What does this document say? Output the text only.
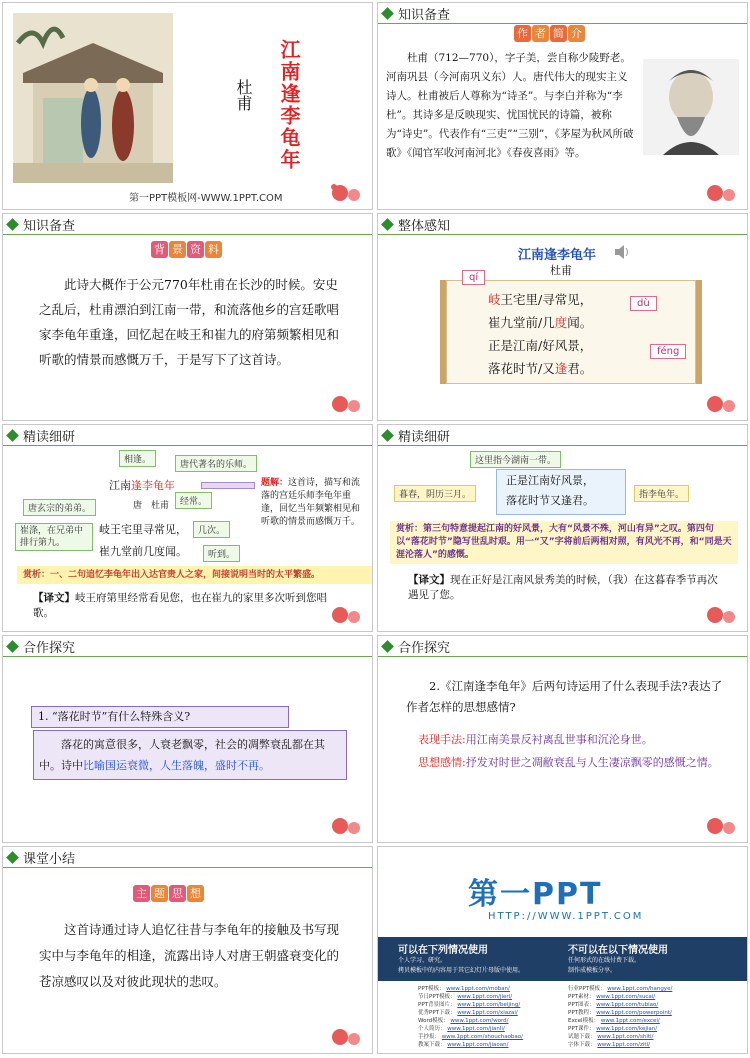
杜甫 江南逢李龟年
第一PPT模板网-WWW.1PPT.COM
知识备查
作 者 简 介
杜甫（712—770），字子美，尝自称少陵野老。河南巩县（今河南巩义东）人。唐代伟大的现实主义诗人。杜甫被后人尊称为“诗圣”。与李白并称为“李杜”。其诗多是反映现实、忧国忧民的诗篇，被称为“诗史”。代表作有“三吏”“三别”，《茅屋为秋风所破歌》《闻官军收河南河北》《春夜喜雨》等。
知识备查
背 景 资 料
此诗大概作于公元770年杜甫在长沙的时候。安史之乱后，杜甫漂泊到江南一带，和流落他乡的宫廷歌唱家李龟年重逢，回忆起在岐王和崔九的府第频繁相见和听歌的情景而感慨万千，于是写下了这首诗。
整体感知
江南逢李龟年
杜甫
岐王宅里/寻常见，
崔九堂前/几度闻。
正是江南/好风景，
落花时节/又逢君。
qí
dù
féng
精读细研
相逢。	唐代著名的乐师。
江南逢李龟年
唐　杜甫
唐玄宗的弟弟。
经常。
几次。
崔涤，在兄弟中排行第九。
听到。
岐王宅里寻常见，
崔九堂前几度闻。
题解：这首诗，描写和流落的宫廷乐师李龟年重逢，回忆当年频繁相见和听歌的情景而感慨万千。
赏析：一、二句追忆李龟年出入达官贵人之家，间接说明当时的太平繁盛。
【译文】岐王府第里经常看见您，也在崔九的家里多次听到您唱歌。
精读细研
这里指今湖南一带。
正是江南好风景，
落花时节又逢君。
暮春，阴历三月。	指李龟年。
赏析：第三句特意提起江南的好风景，大有“风景不殊，河山有异”之叹。第四句以“落花时节”隐写世乱时艰。用一“又”字将前后两相对照，有风光不再，和“同是天涯沦落人”的感慨。
【译文】现在正好是江南风景秀美的时候，（我）在这暮春季节再次遇见了您。
合作探究
1. “落花时节”有什么特殊含义?
落花的寓意很多，人衰老飘零，社会的凋弊衰乱都在其中。诗中比喻国运衰微，人生落魄，盛时不再。
合作探究
2.《江南逢李龟年》后两句诗运用了什么表现手法?表达了作者怎样的思想感情?
表现手法:用江南美景反衬离乱世事和沉沦身世。
思想感情:抒发对时世之凋敝衰乱与人生凄凉飘零的感慨之情。
课堂小结
主 题 思 想
这首诗通过诗人追忆往昔与李龟年的接触及书写现实中与李龟年的相逢，流露出诗人对唐王朝盛衰变化的苍凉感叹以及对彼此现状的悲叹。
第一PPT
HTTP://WWW.1PPT.COM
可以在下列情况使用
个人学习、研究。
拷贝模板中的内容用于其它幻灯片母版中使用。
不可以在以下情况使用
任何形式的在线付费下载。
制作成模板分享。
PPT模板： www.1ppt.com/moban/
节日PPT模板： www.1ppt.com/jieri/
PPT背景图片： www.1ppt.com/beijing/
优秀PPT下载： www.1ppt.com/xiazai/
Word模板： www.1ppt.com/word/
个人简历： www.1ppt.com/jianli/
手抄报： www.1ppt.com/shouchaobao/
教案下载： www.1ppt.com/jiaoan/
行业PPT模板： www.1ppt.com/hangye/
PPT素材： www.1ppt.com/sucai/
PPT图表： www.1ppt.com/tubiao/
PPT教程： www.1ppt.com/powerpoint/
Excel模板： www.1ppt.com/excel/
PPT课件： www.1ppt.com/kejian/
试题下载： www.1ppt.com/shiti/
字体下载： www.1ppt.com/ziti/
